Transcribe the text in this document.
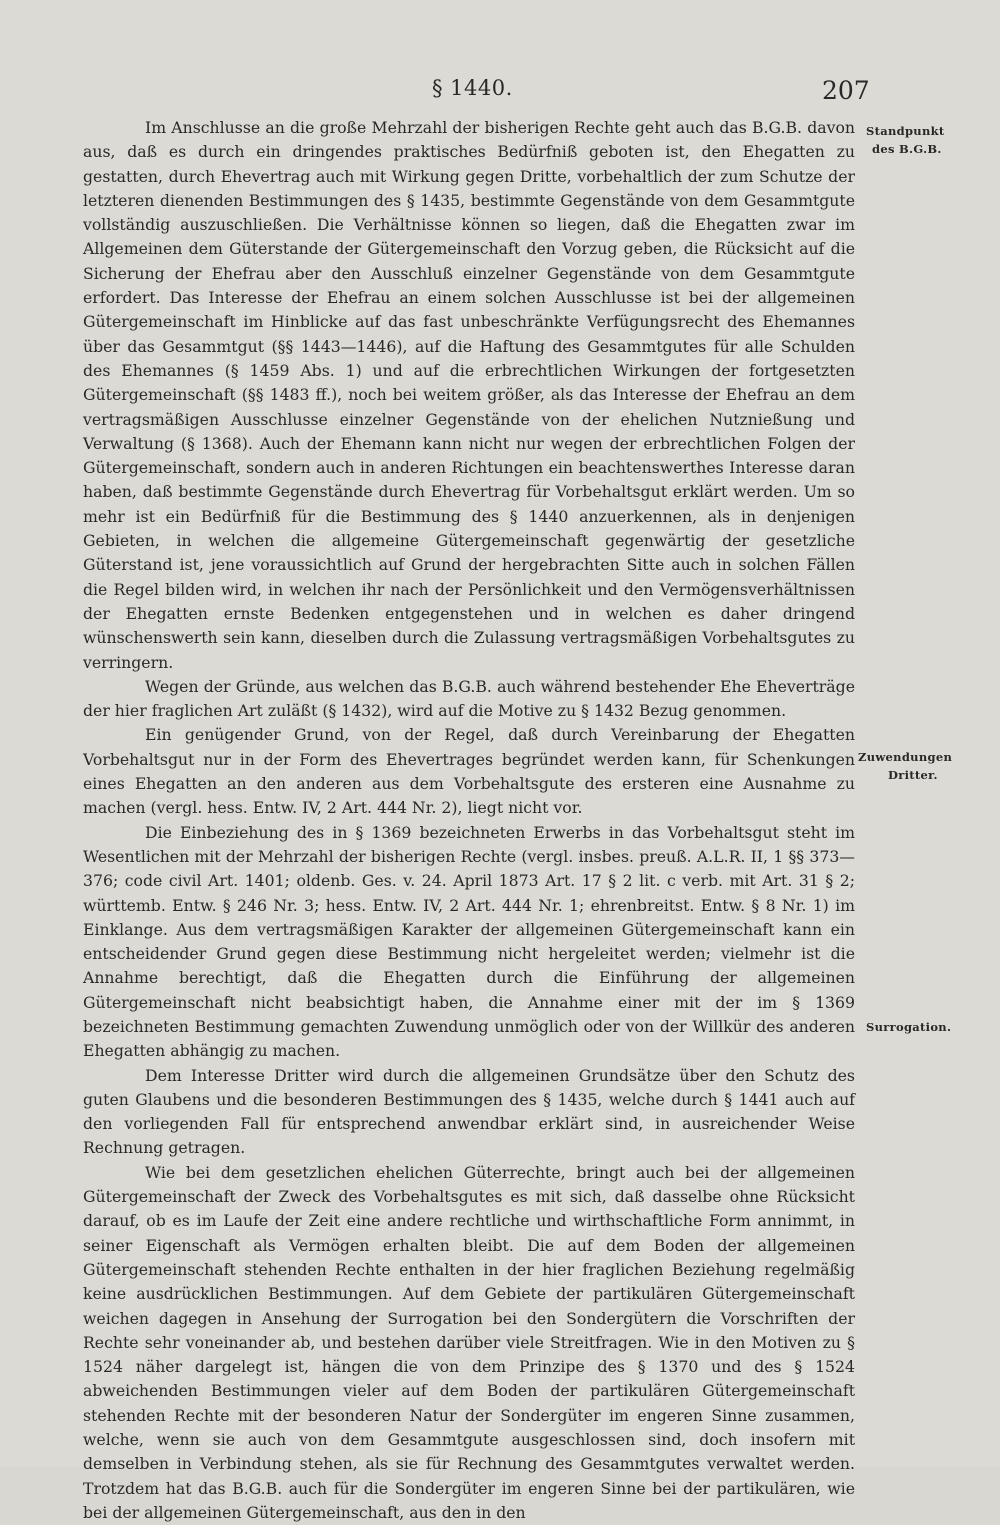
§ 1440.	207
Standpunkt
des B.G.B.
Zuwendungen
Dritter.
Surrogation.

Im Anschlusse an die große Mehrzahl der bisherigen Rechte geht auch das B.G.B. davon aus, daß es durch ein dringendes praktisches Bedürfniß geboten ist, den Ehegatten zu gestatten, durch Ehevertrag auch mit Wirkung gegen Dritte, vorbehaltlich der zum Schutze der letzteren dienenden Bestimmungen des § 1435, bestimmte Gegenstände von dem Gesammtgute vollständig auszuschließen. Die Verhältnisse können so liegen, daß die Ehegatten zwar im Allgemeinen dem Güterstande der Gütergemeinschaft den Vorzug geben, die Rücksicht auf die Sicherung der Ehefrau aber den Ausschluß einzelner Gegenstände von dem Gesammtgute erfordert. Das Interesse der Ehefrau an einem solchen Ausschlusse ist bei der allgemeinen Gütergemeinschaft im Hinblicke auf das fast unbeschränkte Verfügungsrecht des Ehemannes über das Gesammtgut (§§ 1443—1446), auf die Haftung des Gesammtgutes für alle Schulden des Ehemannes (§ 1459 Abs. 1) und auf die erbrechtlichen Wirkungen der fortgesetzten Gütergemeinschaft (§§ 1483 ff.), noch bei weitem größer, als das Interesse der Ehefrau an dem vertragsmäßigen Ausschlusse einzelner Gegenstände von der ehelichen Nutznießung und Verwaltung (§ 1368). Auch der Ehemann kann nicht nur wegen der erbrechtlichen Folgen der Gütergemeinschaft, sondern auch in anderen Richtungen ein beachtenswerthes Interesse daran haben, daß bestimmte Gegenstände durch Ehevertrag für Vorbehaltsgut erklärt werden. Um so mehr ist ein Bedürfniß für die Bestimmung des § 1440 anzuerkennen, als in denjenigen Gebieten, in welchen die allgemeine Gütergemeinschaft gegenwärtig der gesetzliche Güterstand ist, jene voraussichtlich auf Grund der hergebrachten Sitte auch in solchen Fällen die Regel bilden wird, in welchen ihr nach der Persönlichkeit und den Vermögensverhältnissen der Ehegatten ernste Bedenken entgegenstehen und in welchen es daher dringend wünschenswerth sein kann, dieselben durch die Zulassung vertragsmäßigen Vorbehaltsgutes zu verringern.

Wegen der Gründe, aus welchen das B.G.B. auch während bestehender Ehe Eheverträge der hier fraglichen Art zuläßt (§ 1432), wird auf die Motive zu § 1432 Bezug genommen.

Ein genügender Grund, von der Regel, daß durch Vereinbarung der Ehegatten Vorbehaltsgut nur in der Form des Ehevertrages begründet werden kann, für Schenkungen eines Ehegatten an den anderen aus dem Vorbehaltsgute des ersteren eine Ausnahme zu machen (vergl. hess. Entw. IV, 2 Art. 444 Nr. 2), liegt nicht vor.

Die Einbeziehung des in § 1369 bezeichneten Erwerbs in das Vorbehaltsgut steht im Wesentlichen mit der Mehrzahl der bisherigen Rechte (vergl. insbes. preuß. A.L.R. II, 1 §§ 373—376; code civil Art. 1401; oldenb. Ges. v. 24. April 1873 Art. 17 § 2 lit. c verb. mit Art. 31 § 2; württemb. Entw. § 246 Nr. 3; hess. Entw. IV, 2 Art. 444 Nr. 1; ehrenbreitst. Entw. § 8 Nr. 1) im Einklange. Aus dem vertragsmäßigen Karakter der allgemeinen Gütergemeinschaft kann ein entscheidender Grund gegen diese Bestimmung nicht hergeleitet werden; vielmehr ist die Annahme berechtigt, daß die Ehegatten durch die Einführung der allgemeinen Gütergemeinschaft nicht beabsichtigt haben, die Annahme einer mit der im § 1369 bezeichneten Bestimmung gemachten Zuwendung unmöglich oder von der Willkür des anderen Ehegatten abhängig zu machen.

Dem Interesse Dritter wird durch die allgemeinen Grundsätze über den Schutz des guten Glaubens und die besonderen Bestimmungen des § 1435, welche durch § 1441 auch auf den vorliegenden Fall für entsprechend anwendbar erklärt sind, in ausreichender Weise Rechnung getragen.

Wie bei dem gesetzlichen ehelichen Güterrechte, bringt auch bei der allgemeinen Gütergemeinschaft der Zweck des Vorbehaltsgutes es mit sich, daß dasselbe ohne Rücksicht darauf, ob es im Laufe der Zeit eine andere rechtliche und wirthschaftliche Form annimmt, in seiner Eigenschaft als Vermögen erhalten bleibt. Die auf dem Boden der allgemeinen Gütergemeinschaft stehenden Rechte enthalten in der hier fraglichen Beziehung regelmäßig keine ausdrücklichen Bestimmungen. Auf dem Gebiete der partikulären Gütergemeinschaft weichen dagegen in Ansehung der Surrogation bei den Sondergütern die Vorschriften der Rechte sehr voneinander ab, und bestehen darüber viele Streitfragen. Wie in den Motiven zu § 1524 näher dargelegt ist, hängen die von dem Prinzipe des § 1370 und des § 1524 abweichenden Bestimmungen vieler auf dem Boden der partikulären Gütergemeinschaft stehenden Rechte mit der besonderen Natur der Sondergüter im engeren Sinne zusammen, welche, wenn sie auch von dem Gesammtgute ausgeschlossen sind, doch insofern mit demselben in Verbindung stehen, als sie für Rechnung des Gesammtgutes verwaltet werden. Trotzdem hat das B.G.B. auch für die Sondergüter im engeren Sinne bei der partikulären, wie bei der allgemeinen Gütergemeinschaft, aus den in den
